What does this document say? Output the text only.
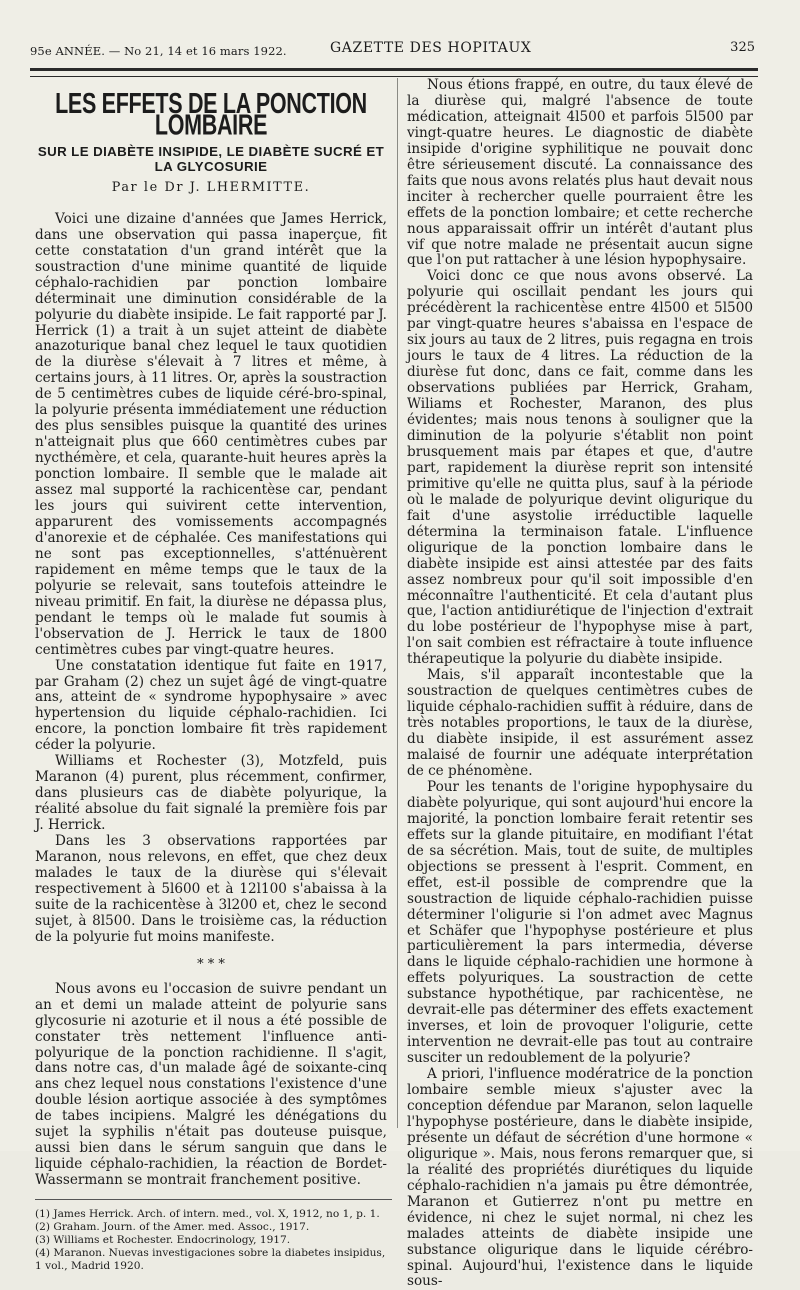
95e ANNÉE. — No 21, 14 et 16 mars 1922.	GAZETTE DES HOPITAUX	325
LES EFFETS DE LA PONCTION LOMBAIRE
SUR LE DIABÈTE INSIPIDE, LE DIABÈTE SUCRÉ ET LA GLYCOSURIE
Par le Dr J. LHERMITTE.

Voici une dizaine d'années que James Herrick, dans une observation qui passa inaperçue, fit cette constatation d'un grand intérêt que la soustraction d'une minime quantité de liquide céphalo-rachidien par ponction lombaire déterminait une diminution considérable de la polyurie du diabète insipide. Le fait rapporté par J. Herrick (1) a trait à un sujet atteint de diabète anazoturique banal chez lequel le taux quotidien de la diurèse s'élevait à 7 litres et même, à certains jours, à 11 litres. Or, après la soustraction de 5 centimètres cubes de liquide céré-bro-spinal, la polyurie présenta immédiatement une réduction des plus sensibles puisque la quantité des urines n'atteignait plus que 660 centimètres cubes par nycthémère, et cela, quarante-huit heures après la ponction lombaire. Il semble que le malade ait assez mal supporté la rachicentèse car, pendant les jours qui suivirent cette intervention, apparurent des vomissements accompagnés d'anorexie et de céphalée. Ces manifestations qui ne sont pas exceptionnelles, s'atténuèrent rapidement en même temps que le taux de la polyurie se relevait, sans toutefois atteindre le niveau primitif. En fait, la diurèse ne dépassa plus, pendant le temps où le malade fut soumis à l'observation de J. Herrick le taux de 1800 centimètres cubes par vingt-quatre heures.

Une constatation identique fut faite en 1917, par Graham (2) chez un sujet âgé de vingt-quatre ans, atteint de « syndrome hypophysaire » avec hypertension du liquide céphalo-rachidien. Ici encore, la ponction lombaire fit très rapidement céder la polyurie.

Williams et Rochester (3), Motzfeld, puis Maranon (4) purent, plus récemment, confirmer, dans plusieurs cas de diabète polyurique, la réalité absolue du fait signalé la première fois par J. Herrick.

Dans les 3 observations rapportées par Maranon, nous relevons, en effet, que chez deux malades le taux de la diurèse qui s'élevait respectivement à 5l600 et à 12l100 s'abaissa à la suite de la rachicentèse à 3l200 et, chez le second sujet, à 8l500. Dans le troisième cas, la réduction de la polyurie fut moins manifeste.

* * *

Nous avons eu l'occasion de suivre pendant un an et demi un malade atteint de polyurie sans glycosurie ni azoturie et il nous a été possible de constater très nettement l'influence anti-polyurique de la ponction rachidienne. Il s'agit, dans notre cas, d'un malade âgé de soixante-cinq ans chez lequel nous constations l'existence d'une double lésion aortique associée à des symptômes de tabes incipiens. Malgré les dénégations du sujet la syphilis n'était pas douteuse puisque, aussi bien dans le sérum sanguin que dans le liquide céphalo-rachidien, la réaction de Bordet-Wassermann se montrait franchement positive.

(1) James Herrick. Arch. of intern. med., vol. X, 1912, no 1, p. 1.
(2) Graham. Journ. of the Amer. med. Assoc., 1917.
(3) Williams et Rochester. Endocrinology, 1917.
(4) Maranon. Nuevas investigaciones sobre la diabetes insipidus, 1 vol., Madrid 1920.

Nous étions frappé, en outre, du taux élevé de la diurèse qui, malgré l'absence de toute médication, atteignait 4l500 et parfois 5l500 par vingt-quatre heures. Le diagnostic de diabète insipide d'origine syphilitique ne pouvait donc être sérieusement discuté. La connaissance des faits que nous avons relatés plus haut devait nous inciter à rechercher quelle pourraient être les effets de la ponction lombaire; et cette recherche nous apparaissait offrir un intérêt d'autant plus vif que notre malade ne présentait aucun signe que l'on put rattacher à une lésion hypophysaire.

Voici donc ce que nous avons observé. La polyurie qui oscillait pendant les jours qui précédèrent la rachicentèse entre 4l500 et 5l500 par vingt-quatre heures s'abaissa en l'espace de six jours au taux de 2 litres, puis regagna en trois jours le taux de 4 litres. La réduction de la diurèse fut donc, dans ce fait, comme dans les observations publiées par Herrick, Graham, Wiliams et Rochester, Maranon, des plus évidentes; mais nous tenons à souligner que la diminution de la polyurie s'établit non point brusquement mais par étapes et que, d'autre part, rapidement la diurèse reprit son intensité primitive qu'elle ne quitta plus, sauf à la période où le malade de polyurique devint oligurique du fait d'une asystolie irréductible laquelle détermina la terminaison fatale. L'influence oligurique de la ponction lombaire dans le diabète insipide est ainsi attestée par des faits assez nombreux pour qu'il soit impossible d'en méconnaître l'authenticité. Et cela d'autant plus que, l'action antidiurétique de l'injection d'extrait du lobe postérieur de l'hypophyse mise à part, l'on sait combien est réfractaire à toute influence thérapeutique la polyurie du diabète insipide.

Mais, s'il apparaît incontestable que la soustraction de quelques centimètres cubes de liquide céphalo-rachidien suffit à réduire, dans de très notables proportions, le taux de la diurèse, du diabète insipide, il est assurément assez malaisé de fournir une adéquate interprétation de ce phénomène.

Pour les tenants de l'origine hypophysaire du diabète polyurique, qui sont aujourd'hui encore la majorité, la ponction lombaire ferait retentir ses effets sur la glande pituitaire, en modifiant l'état de sa sécrétion. Mais, tout de suite, de multiples objections se pressent à l'esprit. Comment, en effet, est-il possible de comprendre que la soustraction de liquide céphalo-rachidien puisse déterminer l'oligurie si l'on admet avec Magnus et Schäfer que l'hypophyse postérieure et plus particulièrement la pars intermedia, déverse dans le liquide céphalo-rachidien une hormone à effets polyuriques. La soustraction de cette substance hypothétique, par rachicentèse, ne devrait-elle pas déterminer des effets exactement inverses, et loin de provoquer l'oligurie, cette intervention ne devrait-elle pas tout au contraire susciter un redoublement de la polyurie?

A priori, l'influence modératrice de la ponction lombaire semble mieux s'ajuster avec la conception défendue par Maranon, selon laquelle l'hypophyse postérieure, dans le diabète insipide, présente un défaut de sécrétion d'une hormone « oligurique ». Mais, nous ferons remarquer que, si la réalité des propriétés diurétiques du liquide céphalo-rachidien n'a jamais pu être démontrée, Maranon et Gutierrez n'ont pu mettre en évidence, ni chez le sujet normal, ni chez les malades atteints de diabète insipide une substance oligurique dans le liquide cérébro-spinal. Aujourd'hui, l'existence dans le liquide sous-
